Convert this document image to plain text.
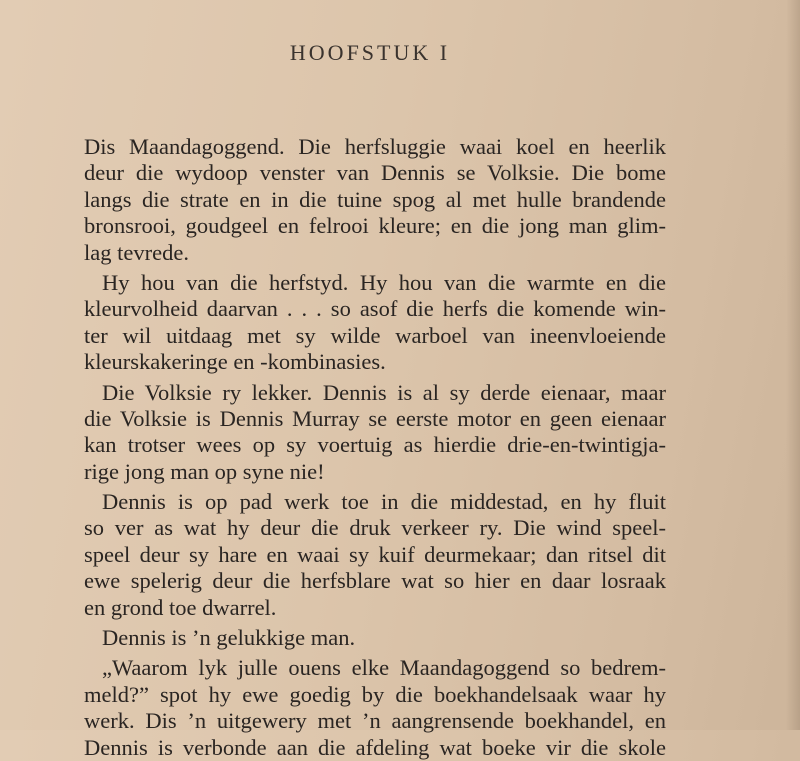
HOOFSTUK I
Dis Maandagoggend. Die herfsluggie waai koel en heerlik
deur die wydoop venster van Dennis se Volksie. Die bome
langs die strate en in die tuine spog al met hulle brandende
bronsrooi, goudgeel en felrooi kleure; en die jong man glim-
lag tevrede.
Hy hou van die herfstyd. Hy hou van die warmte en die
kleurvolheid daarvan . . . so asof die herfs die komende win-
ter wil uitdaag met sy wilde warboel van ineenvloeiende
kleurskakeringe en -kombinasies.
Die Volksie ry lekker. Dennis is al sy derde eienaar, maar
die Volksie is Dennis Murray se eerste motor en geen eienaar
kan trotser wees op sy voertuig as hierdie drie-en-twintigja-
rige jong man op syne nie!
Dennis is op pad werk toe in die middestad, en hy fluit
so ver as wat hy deur die druk verkeer ry. Die wind speel-
speel deur sy hare en waai sy kuif deurmekaar; dan ritsel dit
ewe spelerig deur die herfsblare wat so hier en daar losraak
en grond toe dwarrel.
Dennis is ’n gelukkige man.
„Waarom lyk julle ouens elke Maandagoggend so bedrem-
meld?” spot hy ewe goedig by die boekhandelsaak waar hy
werk. Dis ’n uitgewery met ’n aangrensende boekhandel, en
Dennis is verbonde aan die afdeling wat boeke vir die skole
